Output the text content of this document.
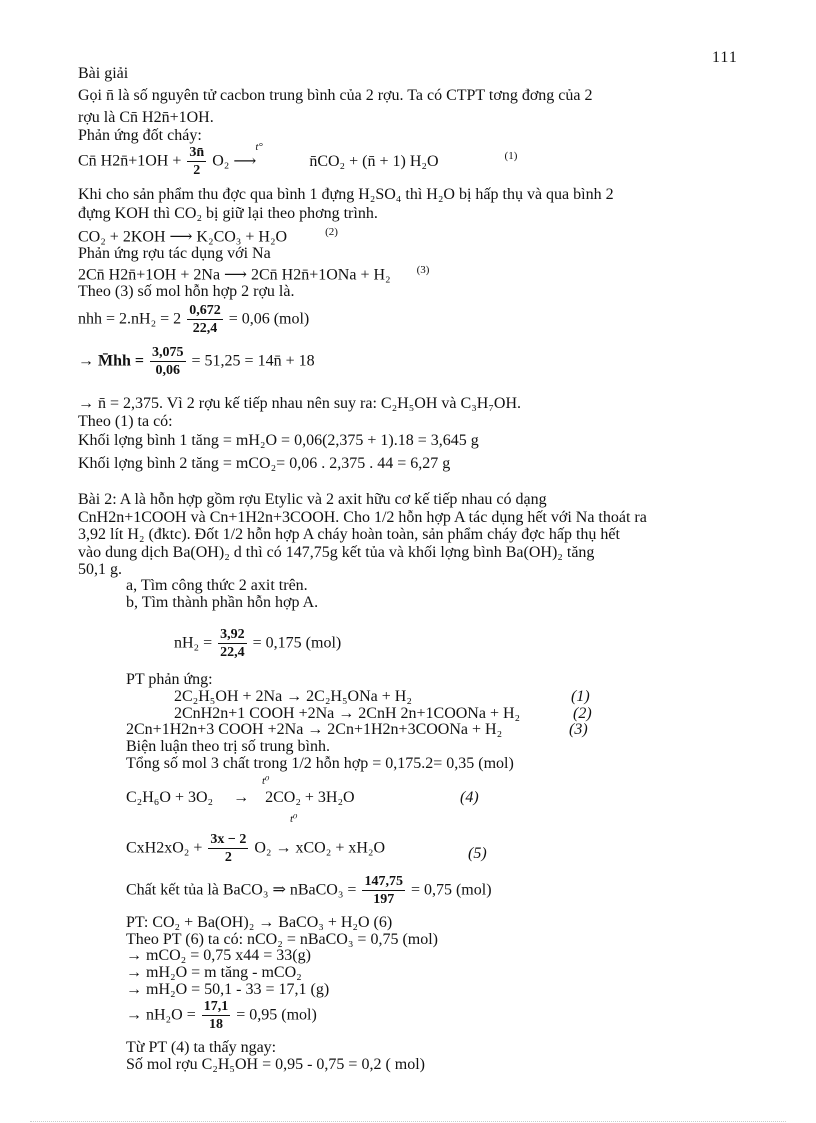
111
Bài giải
Gọi n̄ là số nguyên tử cacbon trung bình của 2 rợu. Ta có CTPT tơng đơng của 2
rợu là Cn̄ H2n̄+1OH.
Phản ứng đốt cháy:
Cn̄ H2n̄+1OH + $\frac{3n̄}{2} O_2$
t°
⟶	n̄CO₂ + (n̄ + 1) H₂O	$^{(1)}$
Khi cho sản phẩm thu đợc qua bình 1 đựng H₂SO₄ thì H₂O bị hấp thụ và qua bình 2
đựng KOH thì CO₂ bị giữ lại theo phơng trình.
CO₂ + 2KOH ⟶ K₂CO₃ + H₂O	$^{(2)}$
Phản ứng rợu tác dụng với Na
2Cn̄ H2n̄+1OH + 2Na ⟶ 2Cn̄ H2n̄+1ONa + H₂ $^{(3)}$
Theo (3) số mol hỗn hợp 2 rợu là.
nhh = $2.nH_2 = 2 \frac{0,672}{22,4} = 0,06$ (mol)
→ M̄hh = $\frac{3,075}{0,06} = 51,25$ = 14n̄ + 18
→ n̄ = 2,375. Vì 2 rợu kế tiếp nhau nên suy ra: C₂H₅OH và C₃H₇OH.
Theo (1) ta có:
Khối lợng bình 1 tăng = mH₂O = 0,06(2,375 + 1).18 = 3,645 g
Khối lợng bình 2 tăng = mCO₂= 0,06 . 2,375 . 44 = 6,27 g
Bài 2: A là hỗn hợp gồm rợu Etylic và 2 axit hữu cơ kế tiếp nhau có dạng
CnH2n+1COOH và Cn+1H2n+3COOH. Cho 1/2 hỗn hợp A tác dụng hết với Na thoát ra
3,92 lít H₂ (đktc). Đốt 1/2 hỗn hợp A cháy hoàn toàn, sản phẩm cháy đợc hấp thụ hết
vào dung dịch Ba(OH)₂ d thì có 147,75g kết tủa và khối lợng bình Ba(OH)₂ tăng
50,1 g.
a, Tìm công thức 2 axit trên.
b, Tìm thành phần hỗn hợp A.
$nH_2 = \frac{3,92}{22,4} = 0,175$ (mol)
PT phản ứng:
2C₂H₅OH + 2Na → 2C₂H₅ONa + H₂	(1)
2CnH2n+1 COOH +2Na → 2CnH 2n+1COONa + H₂	(2)
2Cn+1H2n+3 COOH +2Na → 2Cn+1H2n+3COONa + H₂	(3)
Biện luận theo trị số trung bình.
Tổng số mol 3 chất trong 1/2 hỗn hợp = 0,175.2= 0,35 (mol)
t⁰
C₂H₆O + 3O₂ → 2CO₂ + 3H₂O	(4)
t⁰
$CxH2xO_2 + \frac{3x - 2}{2} O_2 \to xCO_2 + xH_2O$	(5)
Chất kết tủa là BaCO₃ ⇒ nBaCO₃ = $\frac{147,75}{197} = 0,75$ (mol)
PT: CO₂ + Ba(OH)₂ → BaCO₃ + H₂O (6)
Theo PT (6) ta có: nCO₂ = nBaCO₃ = 0,75 (mol)
→ mCO₂ = 0,75 x44 = 33(g)
→ mH₂O = m tăng - mCO₂
→ mH₂O = 50,1 - 33 = 17,1 (g)
→ $nH_2O = \frac{17,1}{18} = 0,95$ (mol)
Từ PT (4) ta thấy ngay:
Số mol rợu C₂H₅OH = 0,95 - 0,75 = 0,2 ( mol)
